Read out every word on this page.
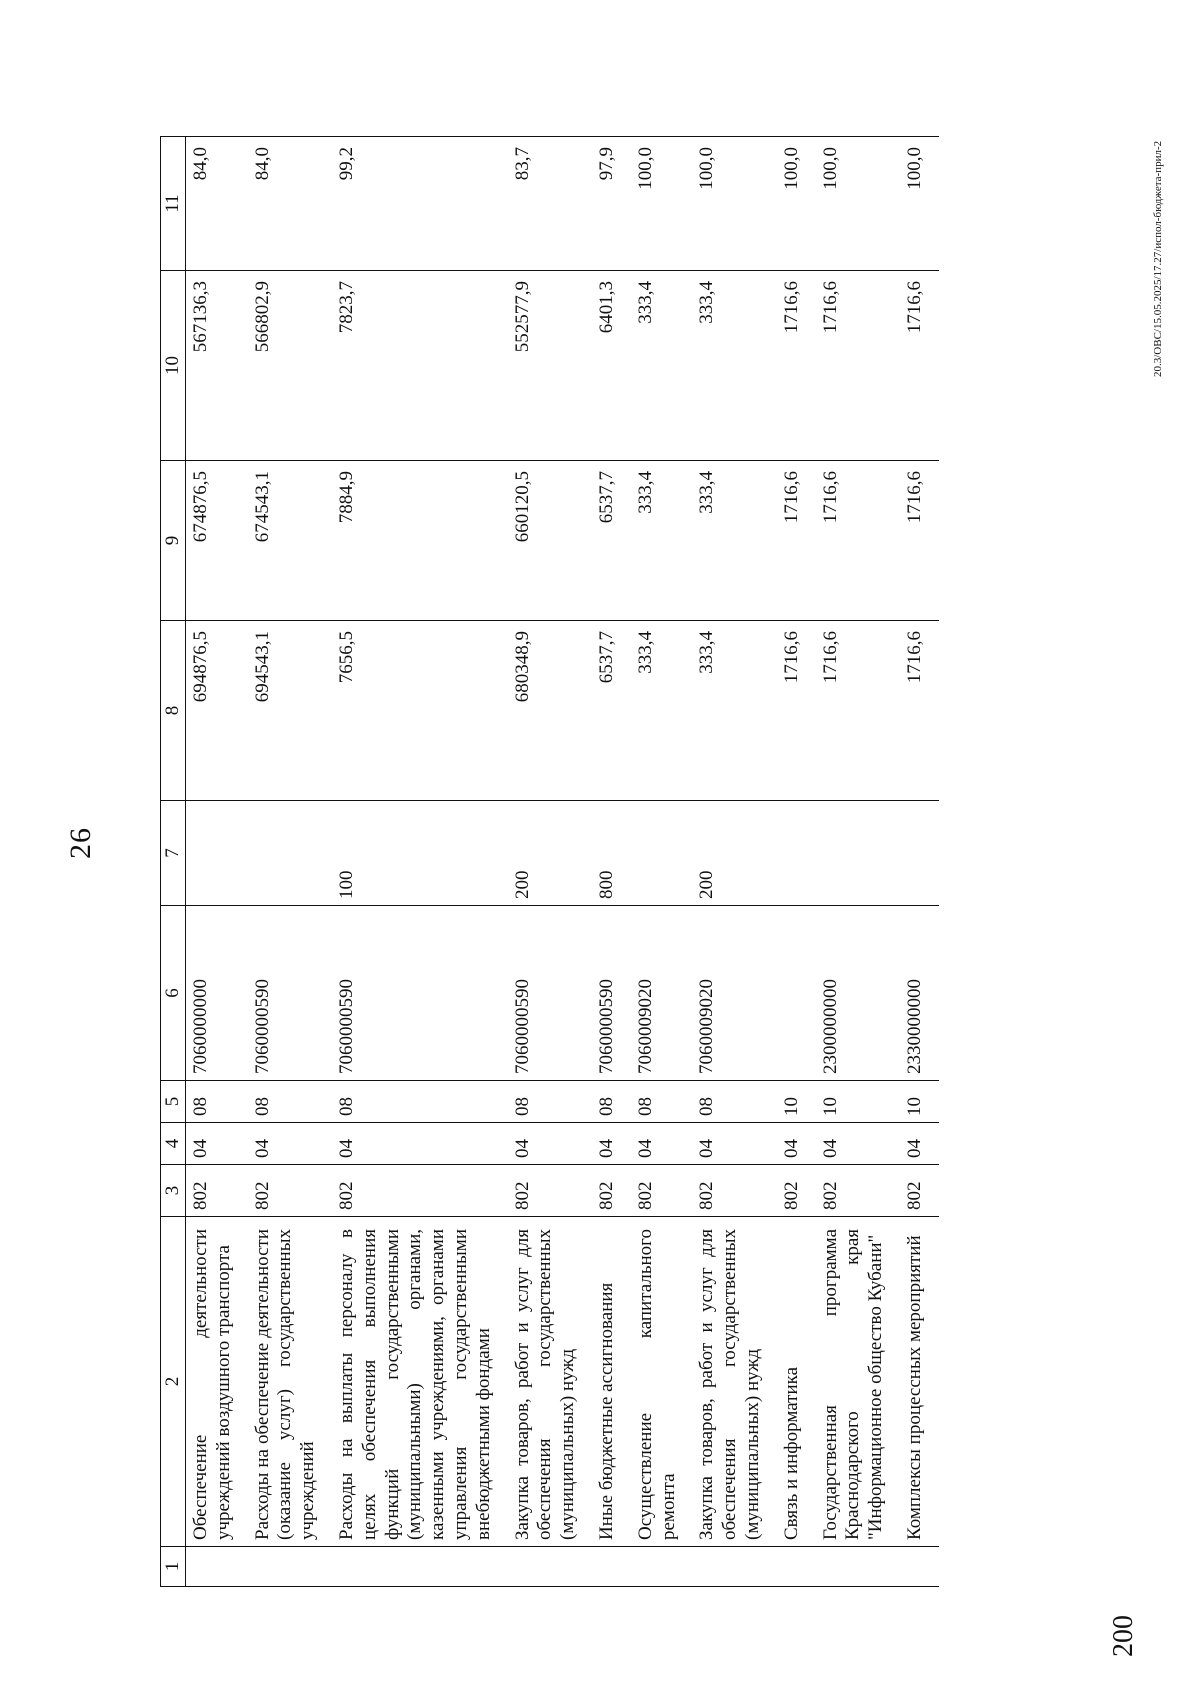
26
1	2	3	4	5	6	7	8	9	10	11
	Обеспечение деятельности учреждений воздушного транспорта	802	04	08	7060000000		694876,5	674876,5	567136,3	84,0
	Расходы на обеспечение деятельности (оказание услуг) государственных учреждений	802	04	08	7060000590		694543,1	674543,1	566802,9	84,0
	Расходы на выплаты персоналу в целях обеспечения выполнения функций государственными (муниципальными) органами, казенными учреждениями, органами управления государственными внебюджетными фондами	802	04	08	7060000590	100	7656,5	7884,9	7823,7	99,2
	Закупка товаров, работ и услуг для обеспечения государственных (муниципальных) нужд	802	04	08	7060000590	200	680348,9	660120,5	552577,9	83,7
	Иные бюджетные ассигнования	802	04	08	7060000590	800	6537,7	6537,7	6401,3	97,9
	Осуществление капитального ремонта	802	04	08	7060009020		333,4	333,4	333,4	100,0
	Закупка товаров, работ и услуг для обеспечения государственных (муниципальных) нужд	802	04	08	7060009020	200	333,4	333,4	333,4	100,0
	Связь и информатика	802	04	10			1716,6	1716,6	1716,6	100,0
	Государственная программа Краснодарского края "Информационное общество Кубани"	802	04	10	2300000000		1716,6	1716,6	1716,6	100,0
	Комплексы процессных мероприятий	802	04	10	2330000000		1716,6	1716,6	1716,6	100,0	20.3/ОВС/15.05.2025/17.27/испол-бюджета-прил-2
200
